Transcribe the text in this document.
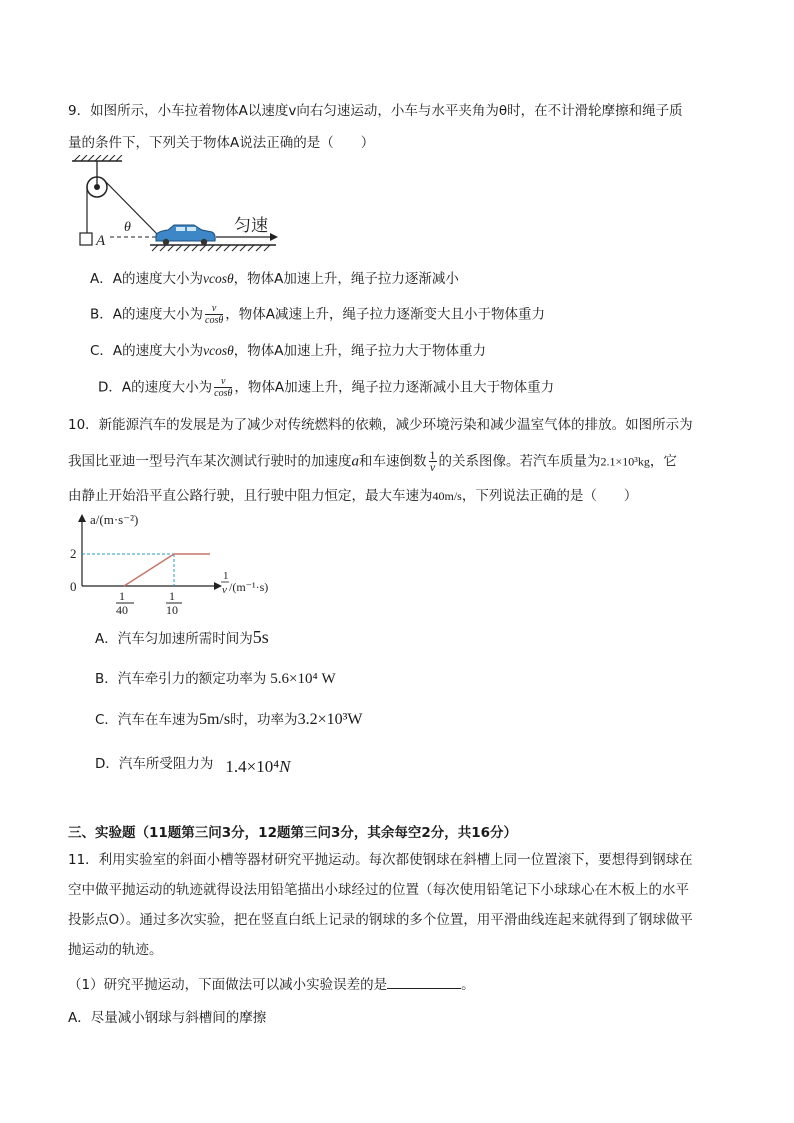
9．如图所示，小车拉着物体A以速度v向右匀速运动，小车与水平夹角为θ时，在不计滑轮摩擦和绳子质
量的条件下，下列关于物体A说法正确的是（　　）
A
θ	匀速
A．A的速度大小为vcosθ，物体A加速上升，绳子拉力逐渐减小
B．A的速度大小为 $\frac{v}{\cos\theta}$ ，物体A减速上升，绳子拉力逐渐变大且小于物体重力
C．A的速度大小为vcosθ，物体A加速上升，绳子拉力大于物体重力
D．A的速度大小为 $\frac{v}{\cos\theta}$ ，物体A加速上升，绳子拉力逐渐减小且大于物体重力
10．新能源汽车的发展是为了减少对传统燃料的依赖，减少环境污染和减少温室气体的排放。如图所示为
我国比亚迪一型号汽车某次测试行驶时的加速度a和车速倒数 $\frac{1}{v}$ 的关系图像。若汽车质量为2.1×10³kg，它
由静止开始沿平直公路行驶，且行驶中阻力恒定，最大车速为40m/s，下列说法正确的是（　　）
a/(m·s⁻²)
0
2
1
40
1
10
1
v /(m⁻¹·s)
A．汽车匀加速所需时间为5s
B．汽车牵引力的额定功率为 5.6×10⁴ W
C．汽车在车速为5m/s时，功率为3.2×10³W
D．汽车所受阻力为 1.4×10⁴N
三、实验题（11题第三问3分，12题第三问3分，其余每空2分，共16分）
11．利用实验室的斜面小槽等器材研究平抛运动。每次都使钢球在斜槽上同一位置滚下，要想得到钢球在
空中做平抛运动的轨迹就得设法用铅笔描出小球经过的位置（每次使用铅笔记下小球球心在木板上的水平
投影点O）。通过多次实验，把在竖直白纸上记录的钢球的多个位置，用平滑曲线连起来就得到了钢球做平
抛运动的轨迹。
（1）研究平抛运动，下面做法可以减小实验误差的是	。
A．尽量减小钢球与斜槽间的摩擦
